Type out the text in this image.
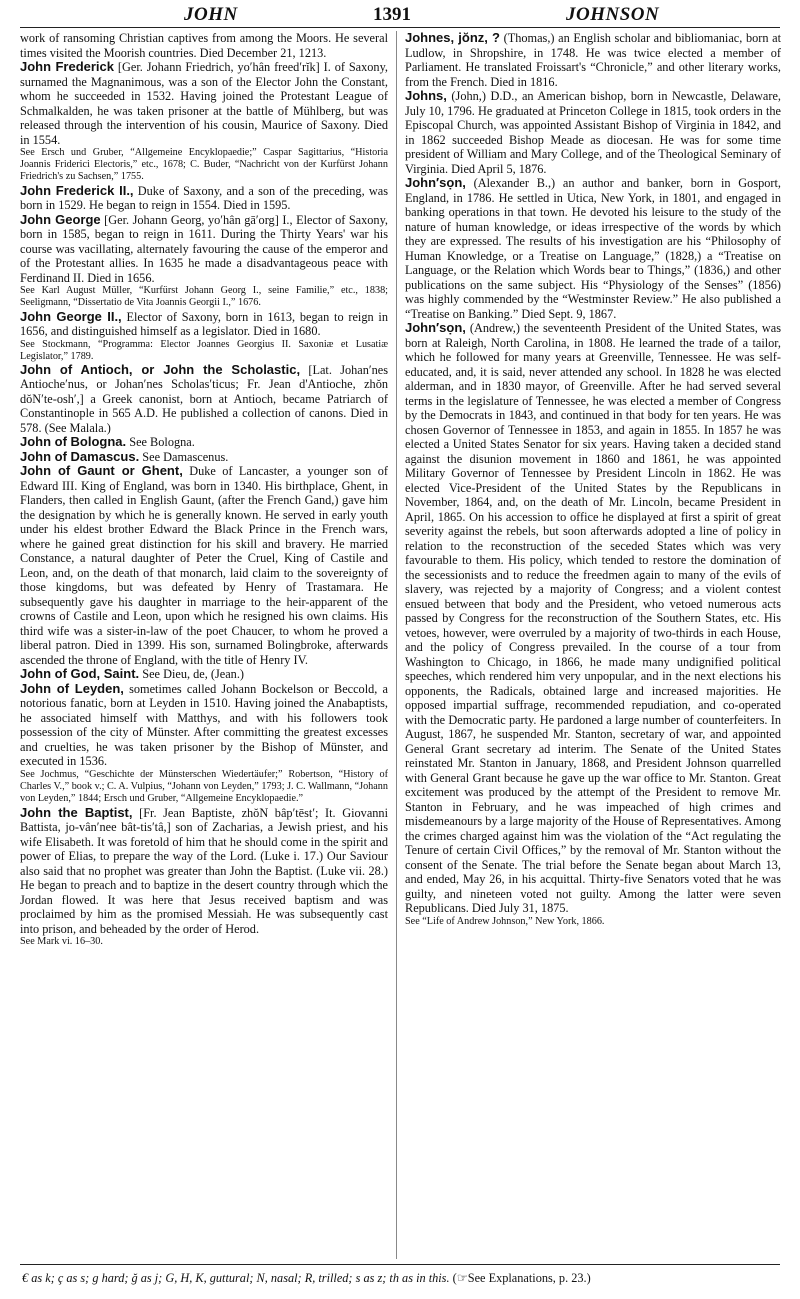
JOHN	1391	JOHNSON

work of ransoming Christian captives from among the Moors. He several times visited the Moorish countries. Died December 21, 1213.

John Frederick [Ger. Johann Friedrich, yo′hân freed′rĭk] I. of Saxony, surnamed the Magnanimous, was a son of the Elector John the Constant, whom he succeeded in 1532. Having joined the Protestant League of Schmalkalden, he was taken prisoner at the battle of Mühlberg, but was released through the intervention of his cousin, Maurice of Saxony. Died in 1554.

See Ersch und Gruber, “Allgemeine Encyklopaedie;” Caspar Sagittarius, “Historia Joannis Friderici Electoris,” etc., 1678; C. Buder, “Nachricht von der Kurfürst Johann Friedrich's zu Sachsen,” 1755.

John Frederick II., Duke of Saxony, and a son of the preceding, was born in 1529. He began to reign in 1554. Died in 1595.

John George [Ger. Johann Georg, yo′hân gā′org] I., Elector of Saxony, born in 1585, began to reign in 1611. During the Thirty Years' war his course was vacillating, alternately favouring the cause of the emperor and of the Protestant allies. In 1635 he made a disadvantageous peace with Ferdinand II. Died in 1656.

See Karl August Müller, “Kurfürst Johann Georg I., seine Familie,” etc., 1838; Seeligmann, “Dissertatio de Vita Joannis Georgii I.,” 1676.

John George II., Elector of Saxony, born in 1613, began to reign in 1656, and distinguished himself as a legislator. Died in 1680.

See Stockmann, “Programma: Elector Joannes Georgius II. Saxoniæ et Lusatiæ Legislator,” 1789.

John of Antioch, or John the Scholastic, [Lat. Johan′nes Antioche′nus, or Johan′nes Scholas′ticus; Fr. Jean d'Antioche, zhŏn dŏN′te-osh′,] a Greek canonist, born at Antioch, became Patriarch of Constantinople in 565 A.D. He published a collection of canons. Died in 578. (See Malala.)

John of Bologna. See Bologna.

John of Damascus. See Damascenus.

John of Gaunt or Ghent, Duke of Lancaster, a younger son of Edward III. King of England, was born in 1340. His birthplace, Ghent, in Flanders, then called in English Gaunt, (after the French Gand,) gave him the designation by which he is generally known. He served in early youth under his eldest brother Edward the Black Prince in the French wars, where he gained great distinction for his skill and bravery. He married Constance, a natural daughter of Peter the Cruel, King of Castile and Leon, and, on the death of that monarch, laid claim to the sovereignty of those kingdoms, but was defeated by Henry of Trastamara. He subsequently gave his daughter in marriage to the heir-apparent of the crowns of Castile and Leon, upon which he resigned his own claims. His third wife was a sister-in-law of the poet Chaucer, to whom he proved a liberal patron. Died in 1399. His son, surnamed Bolingbroke, afterwards ascended the throne of England, with the title of Henry IV.

John of God, Saint. See Dieu, de, (Jean.)

John of Leyden, sometimes called Johann Bockelson or Beccold, a notorious fanatic, born at Leyden in 1510. Having joined the Anabaptists, he associated himself with Matthys, and with his followers took possession of the city of Münster. After committing the greatest excesses and cruelties, he was taken prisoner by the Bishop of Münster, and executed in 1536.

See Jochmus, “Geschichte der Münsterschen Wiedertäufer;” Robertson, “History of Charles V.,” book v.; C. A. Vulpius, “Johann von Leyden,” 1793; J. C. Wallmann, “Johann von Leyden,” 1844; Ersch und Gruber, “Allgemeine Encyklopaedie.”

John the Baptist, [Fr. Jean Baptiste, zhŏN bâp′tēst′; It. Giovanni Battista, jo-vân′nee bât-tis′tâ,] son of Zacharias, a Jewish priest, and his wife Elisabeth. It was foretold of him that he should come in the spirit and power of Elias, to prepare the way of the Lord. (Luke i. 17.) Our Saviour also said that no prophet was greater than John the Baptist. (Luke vii. 28.) He began to preach and to baptize in the desert country through which the Jordan flowed. It was here that Jesus received baptism and was proclaimed by him as the promised Messiah. He was subsequently cast into prison, and beheaded by the order of Herod.

See Mark vi. 16–30.

Johnes, jŏnz, ? (Thomas,) an English scholar and bibliomaniac, born at Ludlow, in Shropshire, in 1748. He was twice elected a member of Parliament. He translated Froissart's “Chronicle,” and other literary works, from the French. Died in 1816.

Johns, (John,) D.D., an American bishop, born in Newcastle, Delaware, July 10, 1796. He graduated at Princeton College in 1815, took orders in the Episcopal Church, was appointed Assistant Bishop of Virginia in 1842, and in 1862 succeeded Bishop Meade as diocesan. He was for some time president of William and Mary College, and of the Theological Seminary of Virginia. Died April 5, 1876.

John′sọn, (Alexander B.,) an author and banker, born in Gosport, England, in 1786. He settled in Utica, New York, in 1801, and engaged in banking operations in that town. He devoted his leisure to the study of the nature of human knowledge, or ideas irrespective of the words by which they are expressed. The results of his investigation are his “Philosophy of Human Knowledge, or a Treatise on Language,” (1828,) a “Treatise on Language, or the Relation which Words bear to Things,” (1836,) and other publications on the same subject. His “Physiology of the Senses” (1856) was highly commended by the “Westminster Review.” He also published a “Treatise on Banking.” Died Sept. 9, 1867.

John′sọn, (Andrew,) the seventeenth President of the United States, was born at Raleigh, North Carolina, in 1808. He learned the trade of a tailor, which he followed for many years at Greenville, Tennessee. He was self-educated, and, it is said, never attended any school. In 1828 he was elected alderman, and in 1830 mayor, of Greenville. After he had served several terms in the legislature of Tennessee, he was elected a member of Congress by the Democrats in 1843, and continued in that body for ten years. He was chosen Governor of Tennessee in 1853, and again in 1855. In 1857 he was elected a United States Senator for six years. Having taken a decided stand against the disunion movement in 1860 and 1861, he was appointed Military Governor of Tennessee by President Lincoln in 1862. He was elected Vice-President of the United States by the Republicans in November, 1864, and, on the death of Mr. Lincoln, became President in April, 1865. On his accession to office he displayed at first a spirit of great severity against the rebels, but soon afterwards adopted a line of policy in relation to the reconstruction of the seceded States which was very favourable to them. His policy, which tended to restore the domination of the secessionists and to reduce the freedmen again to many of the evils of slavery, was rejected by a majority of Congress; and a violent contest ensued between that body and the President, who vetoed numerous acts passed by Congress for the reconstruction of the Southern States, etc. His vetoes, however, were overruled by a majority of two-thirds in each House, and the policy of Congress prevailed. In the course of a tour from Washington to Chicago, in 1866, he made many undignified political speeches, which rendered him very unpopular, and in the next elections his opponents, the Radicals, obtained large and increased majorities. He opposed impartial suffrage, recommended repudiation, and co-operated with the Democratic party. He pardoned a large number of counterfeiters. In August, 1867, he suspended Mr. Stanton, secretary of war, and appointed General Grant secretary ad interim. The Senate of the United States reinstated Mr. Stanton in January, 1868, and President Johnson quarrelled with General Grant because he gave up the war office to Mr. Stanton. Great excitement was produced by the attempt of the President to remove Mr. Stanton in February, and he was impeached of high crimes and misdemeanours by a large majority of the House of Representatives. Among the crimes charged against him was the violation of the “Act regulating the Tenure of certain Civil Offices,” by the removal of Mr. Stanton without the consent of the Senate. The trial before the Senate began about March 13, and ended, May 26, in his acquittal. Thirty-five Senators voted that he was guilty, and nineteen voted not guilty. Among the latter were seven Republicans. Died July 31, 1875.

See “Life of Andrew Johnson,” New York, 1866.

€ as k; ç as s; g hard; ğ as j; G, H, K, guttural; N, nasal; R, trilled; s as z; th as in this. (☞See Explanations, p. 23.)
